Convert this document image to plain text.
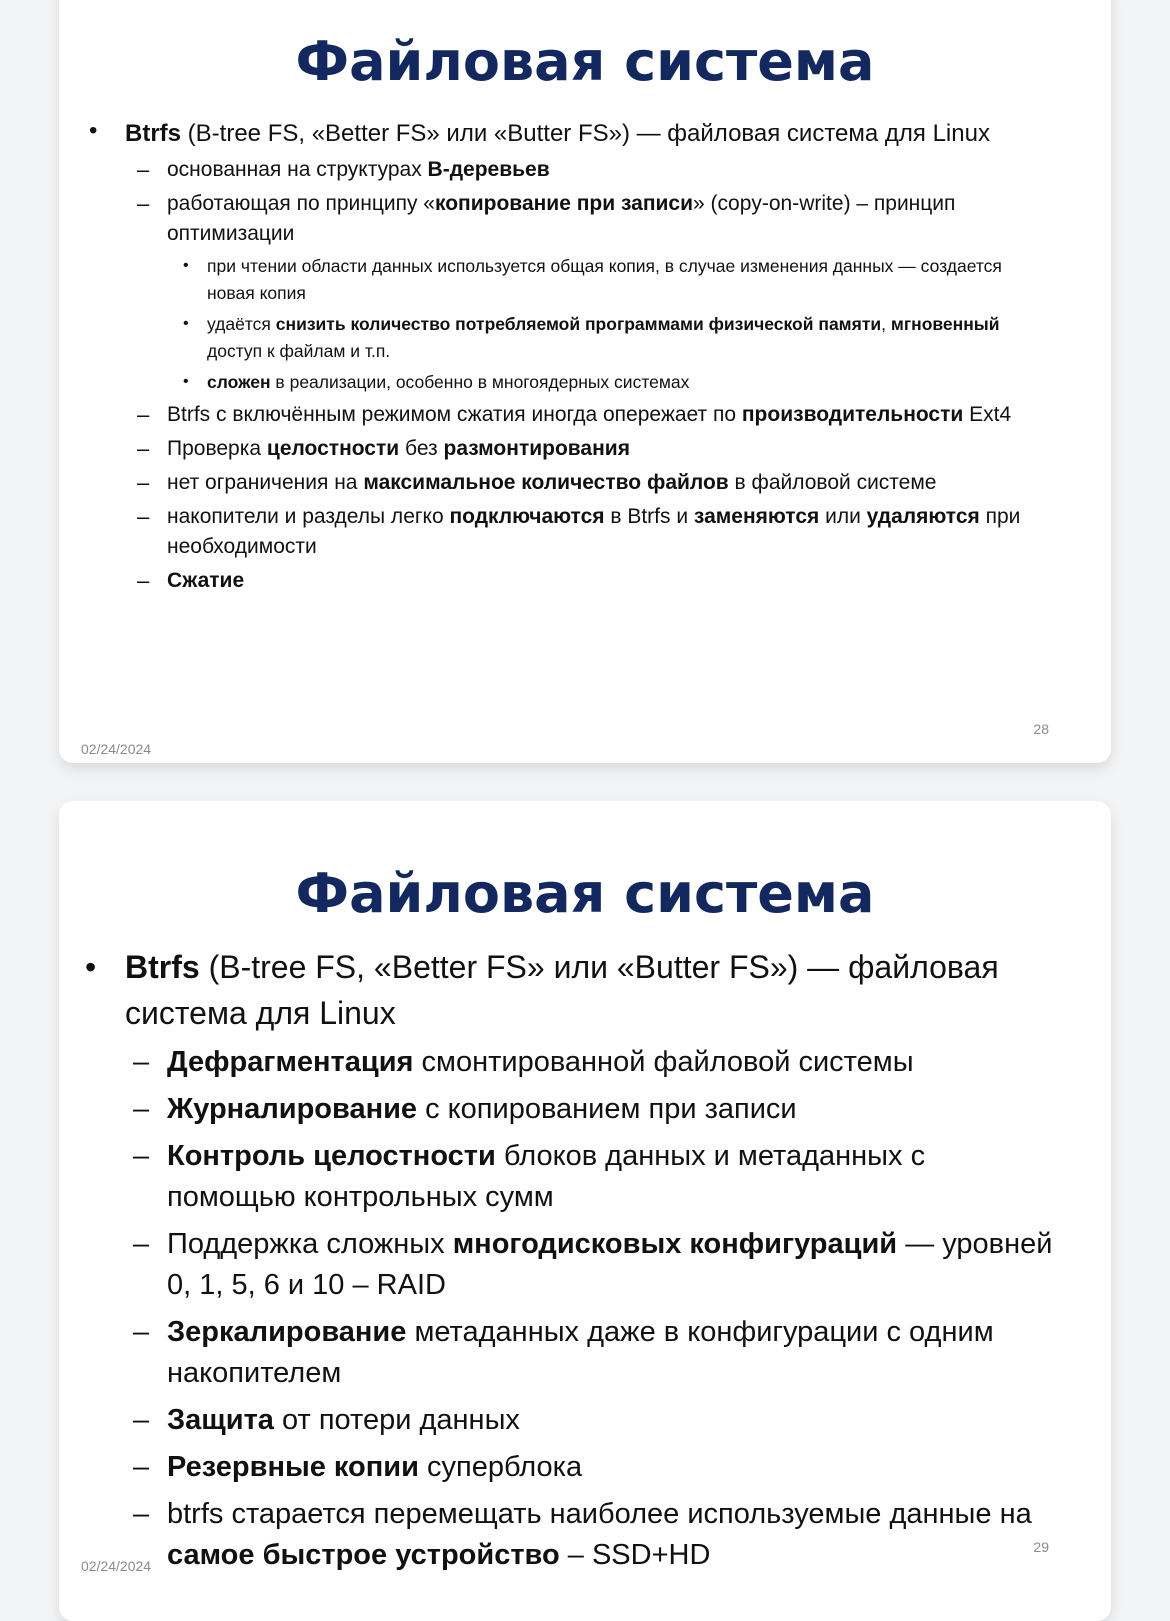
Файловая система
• Btrfs (B-tree FS, «Better FS» или «Butter FS») — файловая система для Linux
– основанная на структурах B-деревьев
– работающая по принципу «копирование при записи» (copy-on-write) – принцип оптимизации
• при чтении области данных используется общая копия, в случае изменения данных — создается новая копия
• удаётся снизить количество потребляемой программами физической памяти, мгновенный доступ к файлам и т.п.
• сложен в реализации, особенно в многоядерных системах
– Btrfs с включённым режимом сжатия иногда опережает по производительности Ext4
– Проверка целостности без размонтирования
– нет ограничения на максимальное количество файлов в файловой системе
– накопители и разделы легко подключаются в Btrfs и заменяются или удаляются при необходимости
– Сжатие
28
02/24/2024
Файловая система
• Btrfs (B-tree FS, «Better FS» или «Butter FS») — файловая система для Linux
– Дефрагментация смонтированной файловой системы
– Журналирование с копированием при записи
– Контроль целостности блоков данных и метаданных с помощью контрольных сумм
– Поддержка сложных многодисковых конфигураций — уровней 0, 1, 5, 6 и 10 – RAID
– Зеркалирование метаданных даже в конфигурации с одним накопителем
– Защита от потери данных
– Резервные копии суперблока
– btrfs старается перемещать наиболее используемые данные на самое быстрое устройство – SSD+HD	29
02/24/2024
